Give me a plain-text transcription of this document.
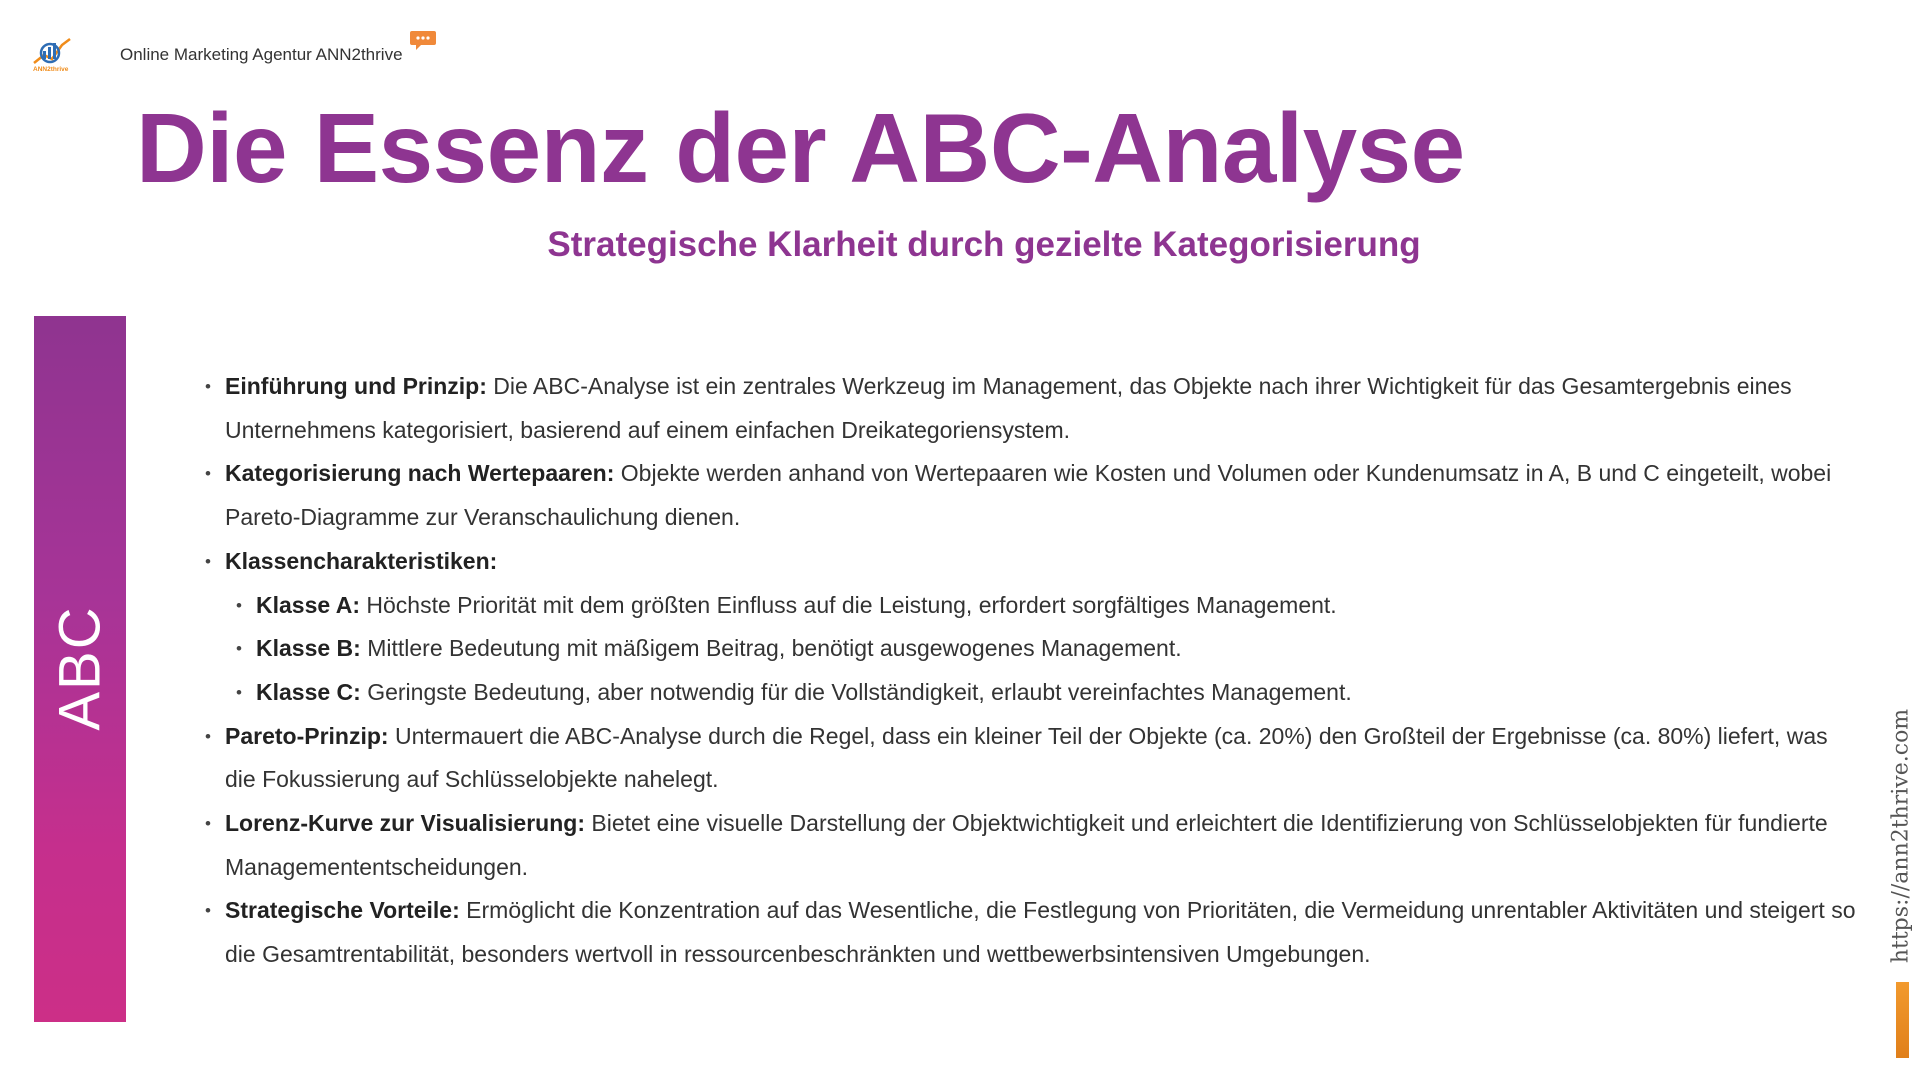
ANN2thrive
Online Marketing Agentur ANN2thrive
Die Essenz der ABC-Analyse
Strategische Klarheit durch gezielte Kategorisierung
ABC
• Einführung und Prinzip: Die ABC-Analyse ist ein zentrales Werkzeug im Management, das Objekte nach ihrer Wichtigkeit für das Gesamtergebnis eines Unternehmens kategorisiert, basierend auf einem einfachen Dreikategoriensystem.
• Kategorisierung nach Wertepaaren: Objekte werden anhand von Wertepaaren wie Kosten und Volumen oder Kundenumsatz in A, B und C eingeteilt, wobei Pareto-Diagramme zur Veranschaulichung dienen.
• Klassencharakteristiken:
• Klasse A: Höchste Priorität mit dem größten Einfluss auf die Leistung, erfordert sorgfältiges Management.
• Klasse B: Mittlere Bedeutung mit mäßigem Beitrag, benötigt ausgewogenes Management.
• Klasse C: Geringste Bedeutung, aber notwendig für die Vollständigkeit, erlaubt vereinfachtes Management.
• Pareto-Prinzip: Untermauert die ABC-Analyse durch die Regel, dass ein kleiner Teil der Objekte (ca. 20%) den Großteil der Ergebnisse (ca. 80%) liefert, was die Fokussierung auf Schlüsselobjekte nahelegt.
• Lorenz-Kurve zur Visualisierung: Bietet eine visuelle Darstellung der Objektwichtigkeit und erleichtert die Identifizierung von Schlüsselobjekten für fundierte Managemententscheidungen.
• Strategische Vorteile: Ermöglicht die Konzentration auf das Wesentliche, die Festlegung von Prioritäten, die Vermeidung unrentabler Aktivitäten und steigert so die Gesamtrentabilität, besonders wertvoll in ressourcenbeschränkten und wettbewerbsintensiven Umgebungen.	https://ann2thrive.com
